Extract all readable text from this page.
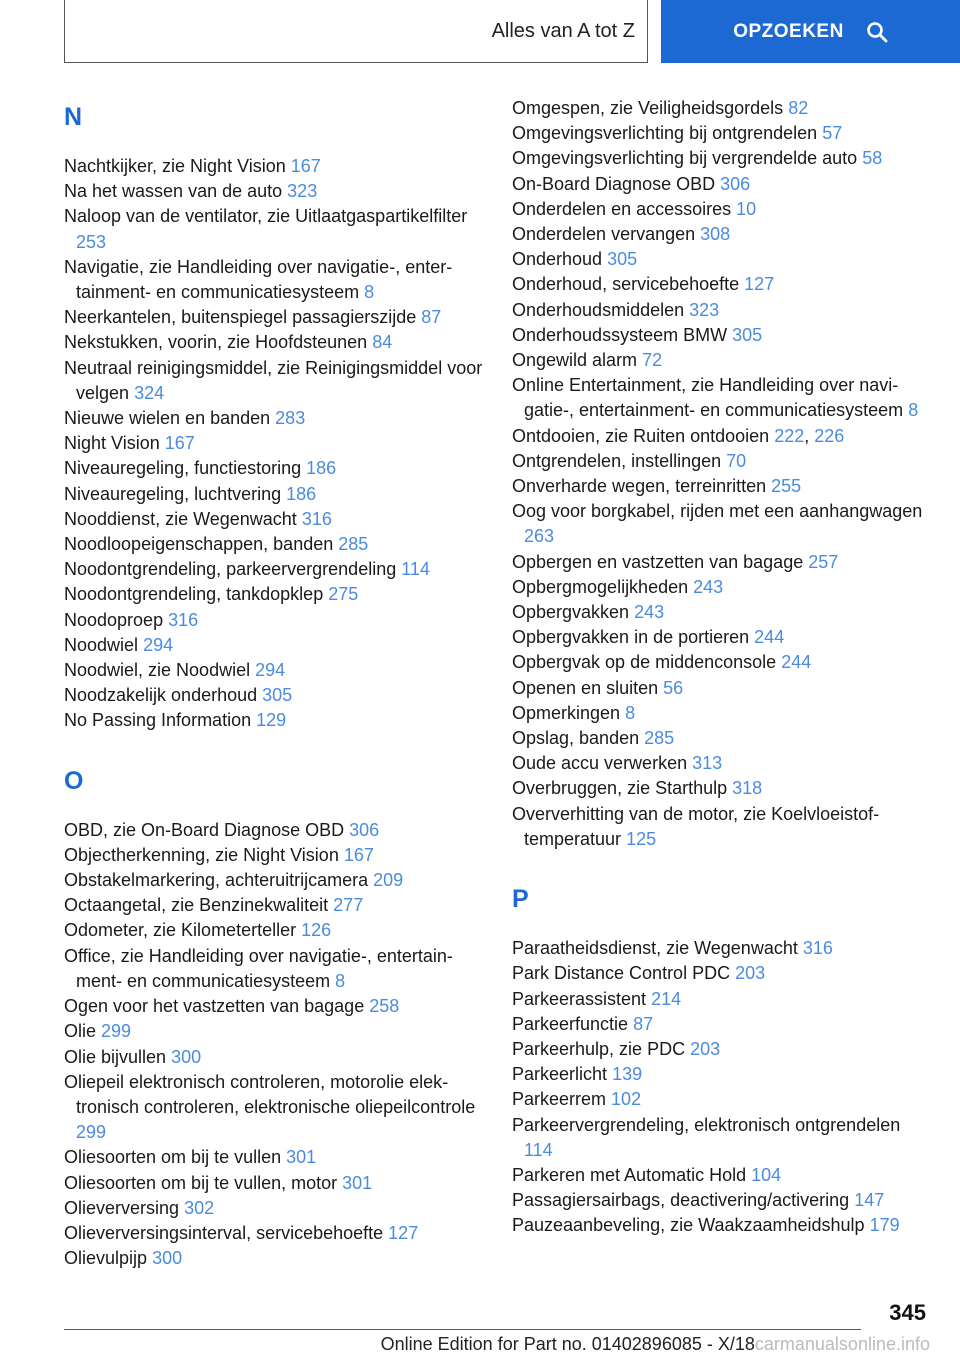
Alles van A tot Z	OPZOEKEN
N
Nachtkijker, zie Night Vision 167
Na het wassen van de auto 323
Naloop van de ventilator, zie Uitlaatgaspartikelfilter 253
Navigatie, zie Handleiding over navigatie-, entertainment- en communicatiesysteem 8
Neerkantelen, buitenspiegel passagierszijde 87
Nekstukken, voorin, zie Hoofdsteunen 84
Neutraal reinigingsmiddel, zie Reinigingsmiddel voor velgen 324
Nieuwe wielen en banden 283
Night Vision 167
Niveauregeling, functiestoring 186
Niveauregeling, luchtvering 186
Nooddienst, zie Wegenwacht 316
Noodloopeigenschappen, banden 285
Noodontgrendeling, parkeervergrendeling 114
Noodontgrendeling, tankdopklep 275
Noodoproep 316
Noodwiel 294
Noodwiel, zie Noodwiel 294
Noodzakelijk onderhoud 305
No Passing Information 129
O
OBD, zie On-Board Diagnose OBD 306
Objectherkenning, zie Night Vision 167
Obstakelmarkering, achteruitrijcamera 209
Octaangetal, zie Benzinekwaliteit 277
Odometer, zie Kilometerteller 126
Office, zie Handleiding over navigatie-, entertainment- en communicatiesysteem 8
Ogen voor het vastzetten van bagage 258
Olie 299
Olie bijvullen 300
Oliepeil elektronisch controleren, motorolie elektronisch controleren, elektronische oliepeilcontrole 299
Oliesoorten om bij te vullen 301
Oliesoorten om bij te vullen, motor 301
Olieverversing 302
Olieverversingsinterval, servicebehoefte 127
Olievulpijp 300
Omgespen, zie Veiligheidsgordels 82
Omgevingsverlichting bij ontgrendelen 57
Omgevingsverlichting bij vergrendelde auto 58
On-Board Diagnose OBD 306
Onderdelen en accessoires 10
Onderdelen vervangen 308
Onderhoud 305
Onderhoud, servicebehoefte 127
Onderhoudsmiddelen 323
Onderhoudssysteem BMW 305
Ongewild alarm 72
Online Entertainment, zie Handleiding over navigatie-, entertainment- en communicatiesysteem 8
Ontdooien, zie Ruiten ontdooien 222, 226
Ontgrendelen, instellingen 70
Onverharde wegen, terreinritten 255
Oog voor borgkabel, rijden met een aanhangwagen 263
Opbergen en vastzetten van bagage 257
Opbergmogelijkheden 243
Opbergvakken 243
Opbergvakken in de portieren 244
Opbergvak op de middenconsole 244
Openen en sluiten 56
Opmerkingen 8
Opslag, banden 285
Oude accu verwerken 313
Overbruggen, zie Starthulp 318
Oververhitting van de motor, zie Koelvloeistoftemperatuur 125
P
Paraatheidsdienst, zie Wegenwacht 316
Park Distance Control PDC 203
Parkeerassistent 214
Parkeerfunctie 87
Parkeerhulp, zie PDC 203
Parkeerlicht 139
Parkeerrem 102
Parkeervergrendeling, elektronisch ontgrendelen 114
Parkeren met Automatic Hold 104
Passagiersairbags, deactivering/activering 147
Pauzeaanbeveling, zie Waakzaamheidshulp 179
345
Online Edition for Part no. 01402896085 - X/18carmanualsonline.info
